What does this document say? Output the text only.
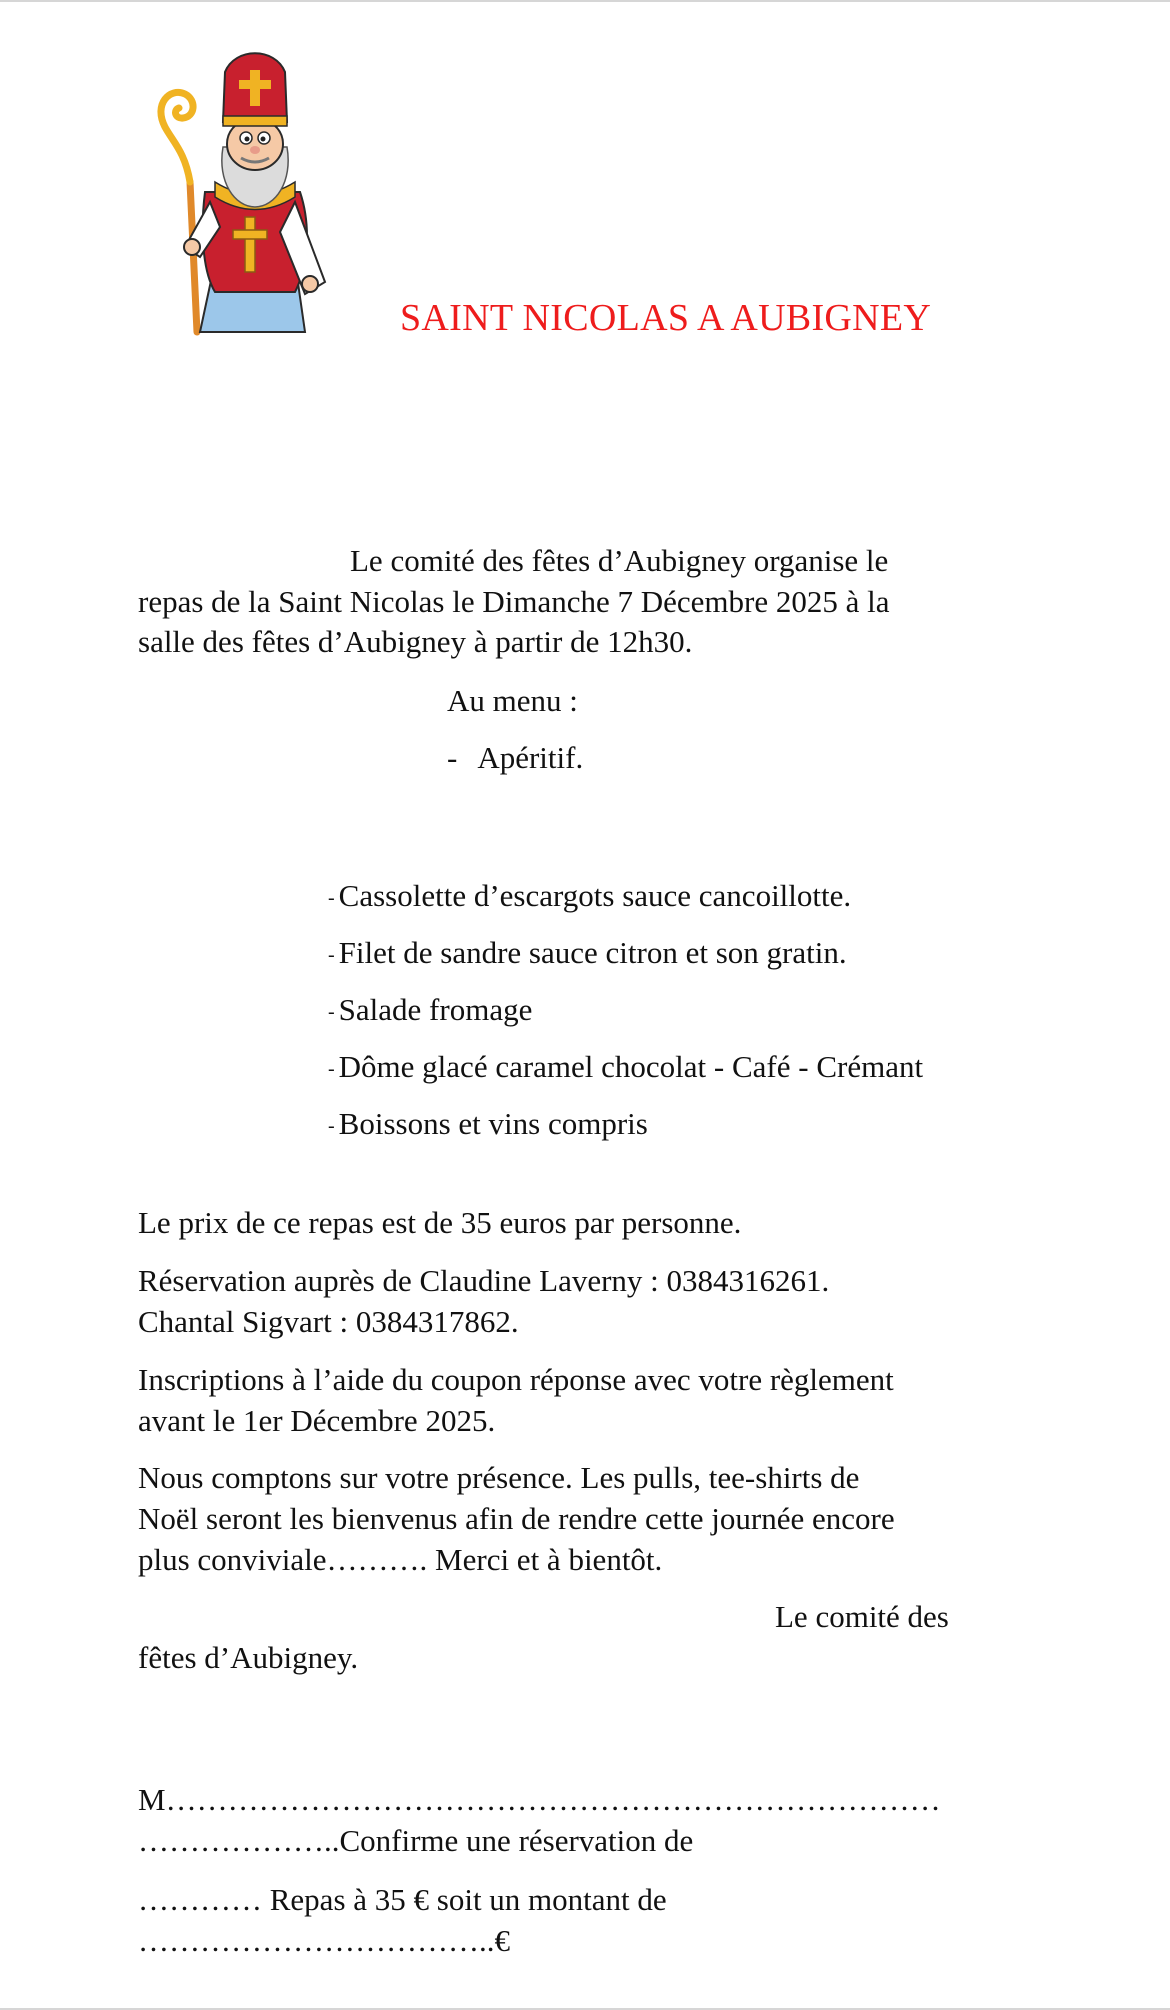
SAINT NICOLAS A AUBIGNEY
Le comité des fêtes d’Aubigney organise le
repas de la Saint Nicolas le Dimanche 7 Décembre 2025 à la
salle des fêtes d’Aubigney à partir de 12h30.
Au menu :
- Apéritif.
- Cassolette d’escargots sauce cancoillotte.
- Filet de sandre sauce citron et son gratin.
- Salade fromage
- Dôme glacé caramel chocolat - Café - Crémant
- Boissons et vins compris
Le prix de ce repas est de 35 euros par personne.
Réservation auprès de Claudine Laverny : 0384316261.
Chantal Sigvart : 0384317862.
Inscriptions à l’aide du coupon réponse avec votre règlement
avant le 1er Décembre 2025.
Nous comptons sur votre présence. Les pulls, tee-shirts de
Noël seront les bienvenus afin de rendre cette journée encore
plus conviviale………. Merci et à bientôt.
Le comité des
fêtes d’Aubigney.
M…………………………………………………………………
………………..Confirme une réservation de
………… Repas à 35 € soit un montant de
……………………………..€
